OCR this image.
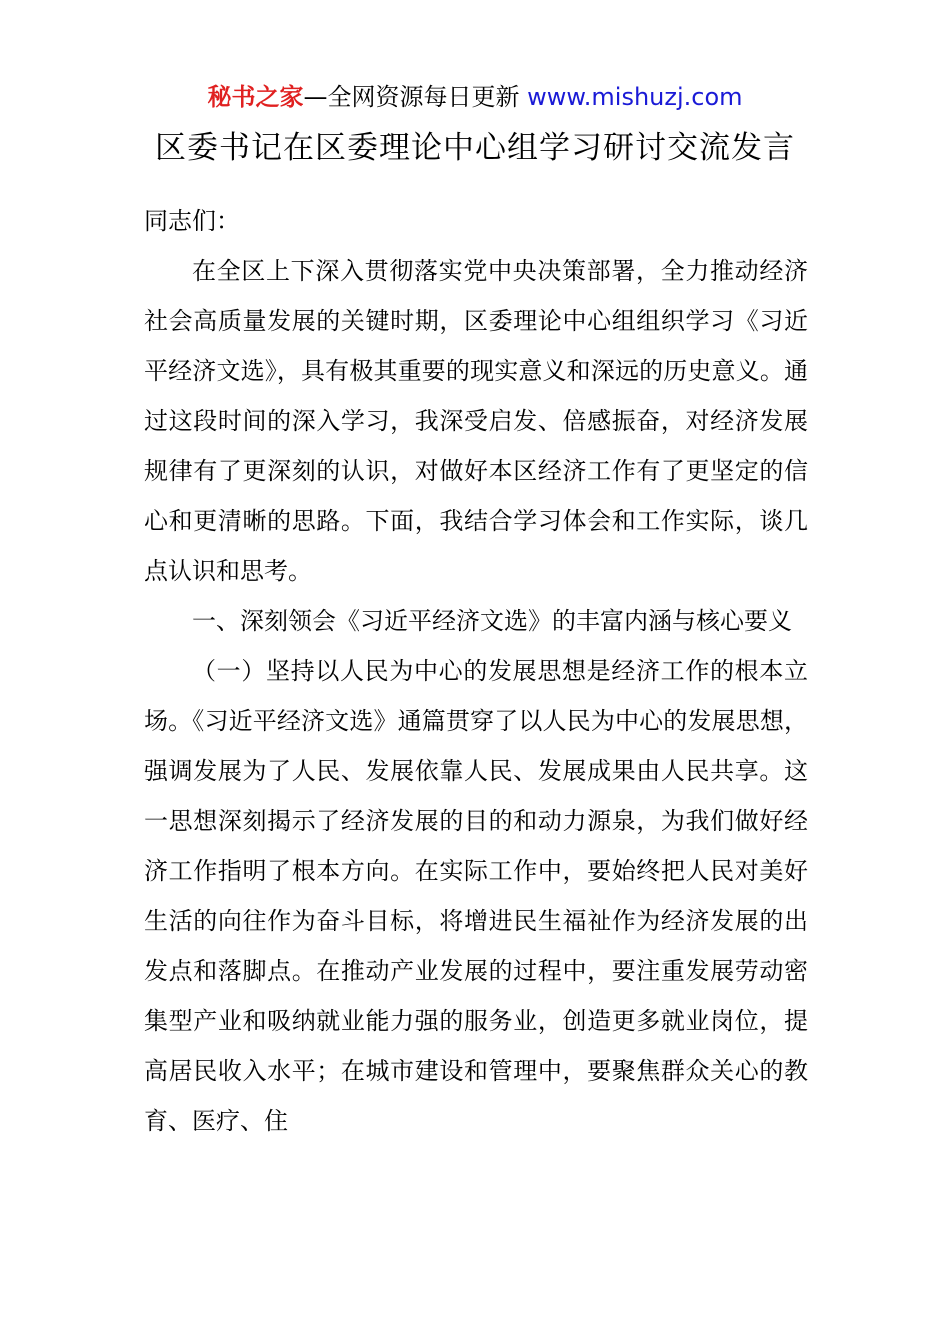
秘书之家—全网资源每日更新 www.mishuzj.com
区委书记在区委理论中心组学习研讨交流发言

同志们：

在全区上下深入贯彻落实党中央决策部署，全力推动经济社会高质量发展的关键时期，区委理论中心组组织学习《习近平经济文选》，具有极其重要的现实意义和深远的历史意义。通过这段时间的深入学习，我深受启发、倍感振奋，对经济发展规律有了更深刻的认识，对做好本区经济工作有了更坚定的信心和更清晰的思路。下面，我结合学习体会和工作实际，谈几点认识和思考。

一、深刻领会《习近平经济文选》的丰富内涵与核心要义

（一）坚持以人民为中心的发展思想是经济工作的根本立场。《习近平经济文选》通篇贯穿了以人民为中心的发展思想，强调发展为了人民、发展依靠人民、发展成果由人民共享。这一思想深刻揭示了经济发展的目的和动力源泉，为我们做好经济工作指明了根本方向。在实际工作中，要始终把人民对美好生活的向往作为奋斗目标，将增进民生福祉作为经济发展的出发点和落脚点。在推动产业发展的过程中，要注重发展劳动密集型产业和吸纳就业能力强的服务业，创造更多就业岗位，提高居民收入水平；在城市建设和管理中，要聚焦群众关心的教育、医疗、住
